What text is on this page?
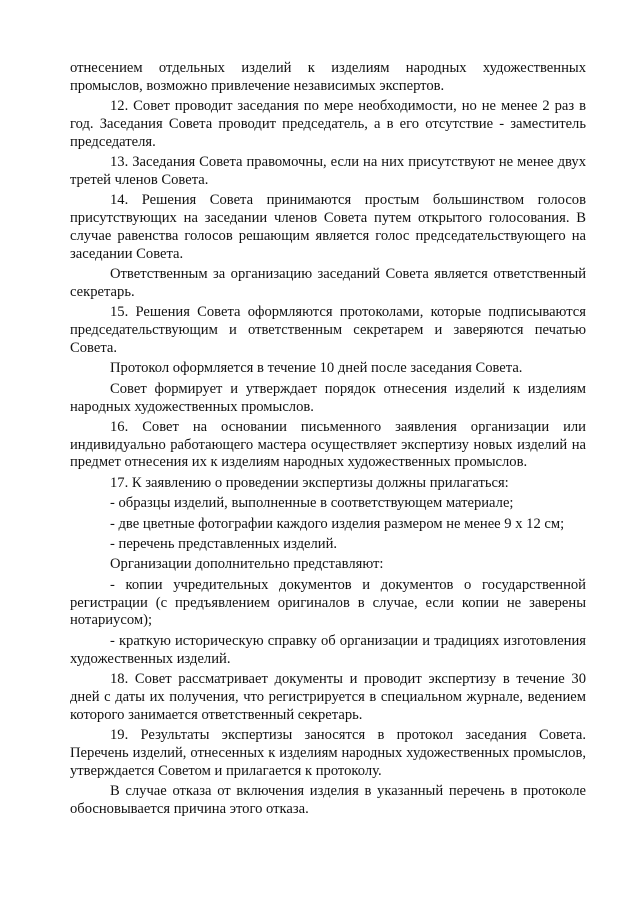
отнесением отдельных изделий к изделиям народных художественных промыслов, возможно привлечение независимых экспертов.

12. Совет проводит заседания по мере необходимости, но не менее 2 раз в год. Заседания Совета проводит председатель, а в его отсутствие - заместитель председателя.

13. Заседания Совета правомочны, если на них присутствуют не менее двух третей членов Совета.

14. Решения Совета принимаются простым большинством голосов присутствующих на заседании членов Совета путем открытого голосования. В случае равенства голосов решающим является голос председательствующего на заседании Совета.

Ответственным за организацию заседаний Совета является ответственный секретарь.

15. Решения Совета оформляются протоколами, которые подписываются председательствующим и ответственным секретарем и заверяются печатью Совета.

Протокол оформляется в течение 10 дней после заседания Совета.

Совет формирует и утверждает порядок отнесения изделий к изделиям народных художественных промыслов.

16. Совет на основании письменного заявления организации или индивидуально работающего мастера осуществляет экспертизу новых изделий на предмет отнесения их к изделиям народных художественных промыслов.

17. К заявлению о проведении экспертизы должны прилагаться:

- образцы изделий, выполненные в соответствующем материале;

- две цветные фотографии каждого изделия размером не менее 9 х 12 см;

- перечень представленных изделий.

Организации дополнительно представляют:

- копии учредительных документов и документов о государственной регистрации (с предъявлением оригиналов в случае, если копии не заверены нотариусом);

- краткую историческую справку об организации и традициях изготовления художественных изделий.

18. Совет рассматривает документы и проводит экспертизу в течение 30 дней с даты их получения, что регистрируется в специальном журнале, ведением которого занимается ответственный секретарь.

19. Результаты экспертизы заносятся в протокол заседания Совета. Перечень изделий, отнесенных к изделиям народных художественных промыслов, утверждается Советом и прилагается к протоколу.

В случае отказа от включения изделия в указанный перечень в протоколе обосновывается причина этого отказа.
